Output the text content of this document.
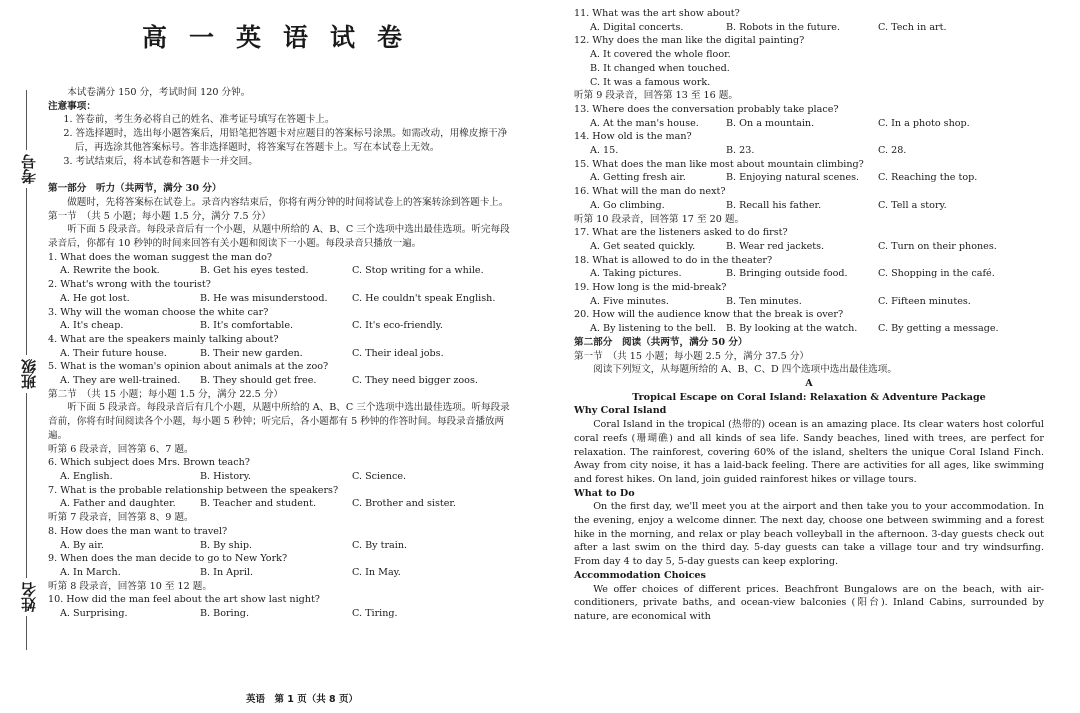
考号
班级
姓名
高一英语试卷

本试卷满分 150 分，考试时间 120 分钟。

注意事项：

1. 答卷前，考生务必将自己的姓名、准考证号填写在答题卡上。

2. 答选择题时，选出每小题答案后，用铅笔把答题卡对应题目的答案标号涂黑。如需改动，用橡皮擦干净后，再选涂其他答案标号。答非选择题时，将答案写在答题卡上。写在本试卷上无效。

3. 考试结束后，将本试卷和答题卡一并交回。

第一部分　听力（共两节，满分 30 分）

做题时，先将答案标在试卷上。录音内容结束后，你将有两分钟的时间将试卷上的答案转涂到答题卡上。

第一节　（共 5 小题；每小题 1.5 分，满分 7.5 分）

听下面 5 段录音。每段录音后有一个小题，从题中所给的 A、B、C 三个选项中选出最佳选项。听完每段录音后，你都有 10 秒钟的时间来回答有关小题和阅读下一小题。每段录音只播放一遍。

1. What does the woman suggest the man do?

A. Rewrite the book.	B. Get his eyes tested.	C. Stop writing for a while.

2. What's wrong with the tourist?

A. He got lost.	B. He was misunderstood.	C. He couldn't speak English.

3. Why will the woman choose the white car?

A. It's cheap.	B. It's comfortable.	C. It's eco-friendly.

4. What are the speakers mainly talking about?

A. Their future house.	B. Their new garden.	C. Their ideal jobs.

5. What is the woman's opinion about animals at the zoo?

A. They are well-trained.	B. They should get free.	C. They need bigger zoos.

第二节　（共 15 小题；每小题 1.5 分，满分 22.5 分）

听下面 5 段录音。每段录音后有几个小题，从题中所给的 A、B、C 三个选项中选出最佳选项。听每段录音前，你将有时间阅读各个小题，每小题 5 秒钟；听完后，各小题都有 5 秒钟的作答时间。每段录音播放两遍。

听第 6 段录音，回答第 6、7 题。

6. Which subject does Mrs. Brown teach?

A. English.	B. History.	C. Science.

7. What is the probable relationship between the speakers?

A. Father and daughter.	B. Teacher and student.	C. Brother and sister.

听第 7 段录音，回答第 8、9 题。

8. How does the man want to travel?

A. By air.	B. By ship.	C. By train.

9. When does the man decide to go to New York?

A. In March.	B. In April.	C. In May.

听第 8 段录音，回答第 10 至 12 题。

10. How did the man feel about the art show last night?

A. Surprising.	B. Boring.	C. Tiring.

11. What was the art show about?

A. Digital concerts.	B. Robots in the future.	C. Tech in art.

12. Why does the man like the digital painting?

A. It covered the whole floor.

B. It changed when touched.

C. It was a famous work.

听第 9 段录音，回答第 13 至 16 题。

13. Where does the conversation probably take place?

A. At the man's house.	B. On a mountain.	C. In a photo shop.

14. How old is the man?

A. 15.	B. 23.	C. 28.

15. What does the man like most about mountain climbing?

A. Getting fresh air.	B. Enjoying natural scenes.	C. Reaching the top.

16. What will the man do next?

A. Go climbing.	B. Recall his father.	C. Tell a story.

听第 10 段录音，回答第 17 至 20 题。

17. What are the listeners asked to do first?

A. Get seated quickly.	B. Wear red jackets.	C. Turn on their phones.

18. What is allowed to do in the theater?

A. Taking pictures.	B. Bringing outside food.	C. Shopping in the café.

19. How long is the mid-break?

A. Five minutes.	B. Ten minutes.	C. Fifteen minutes.

20. How will the audience know that the break is over?

A. By listening to the bell.	B. By looking at the watch.	C. By getting a message.

第二部分　阅读（共两节，满分 50 分）

第一节　（共 15 小题；每小题 2.5 分，满分 37.5 分）

阅读下列短文，从每题所给的 A、B、C、D 四个选项中选出最佳选项。

A

Tropical Escape on Coral Island: Relaxation & Adventure Package

Why Coral Island

Coral Island in the tropical (热带的) ocean is an amazing place. Its clear waters host colorful coral reefs (珊瑚礁) and all kinds of sea life. Sandy beaches, lined with trees, are perfect for relaxation. The rainforest, covering 60% of the island, shelters the unique Coral Island Finch. Away from city noise, it has a laid-back feeling. There are activities for all ages, like swimming and forest hikes. On land, join guided rainforest hikes or village tours.

What to Do

On the first day, we'll meet you at the airport and then take you to your accommodation. In the evening, enjoy a welcome dinner. The next day, choose one between swimming and a forest hike in the morning, and relax or play beach volleyball in the afternoon. 3-day guests check out after a last swim on the third day. 5-day guests can take a village tour and try windsurfing. From day 4 to day 5, 5-day guests can keep exploring.

Accommodation Choices

We offer choices of different prices. Beachfront Bungalows are on the beach, with air-conditioners, private baths, and ocean-view balconies (阳台). Inland Cabins, surrounded by nature, are economical with

英语　第 1 页（共 8 页）
